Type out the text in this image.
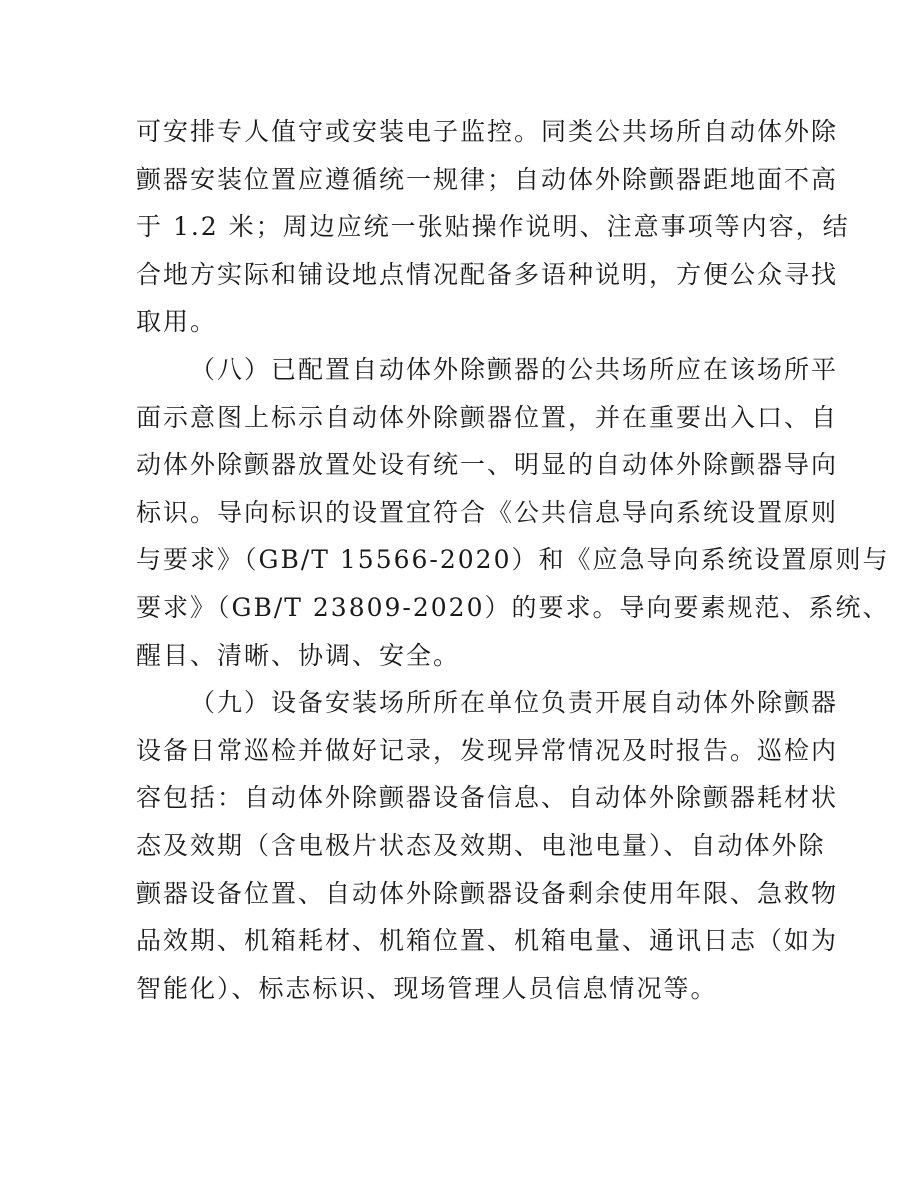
可安排专人值守或安装电子监控。同类公共场所自动体外除
颤器安装位置应遵循统一规律；自动体外除颤器距地面不高
于 1.2 米；周边应统一张贴操作说明、注意事项等内容，结
合地方实际和铺设地点情况配备多语种说明，方便公众寻找
取用。
（八）已配置自动体外除颤器的公共场所应在该场所平
面示意图上标示自动体外除颤器位置，并在重要出入口、自
动体外除颤器放置处设有统一、明显的自动体外除颤器导向
标识。导向标识的设置宜符合《公共信息导向系统设置原则
与要求》（GB/T 15566-2020）和《应急导向系统设置原则与
要求》（GB/T 23809-2020）的要求。导向要素规范、系统、
醒目、清晰、协调、安全。
（九）设备安装场所所在单位负责开展自动体外除颤器
设备日常巡检并做好记录，发现异常情况及时报告。巡检内
容包括：自动体外除颤器设备信息、自动体外除颤器耗材状
态及效期（含电极片状态及效期、电池电量）、自动体外除
颤器设备位置、自动体外除颤器设备剩余使用年限、急救物
品效期、机箱耗材、机箱位置、机箱电量、通讯日志（如为
智能化）、标志标识、现场管理人员信息情况等。
